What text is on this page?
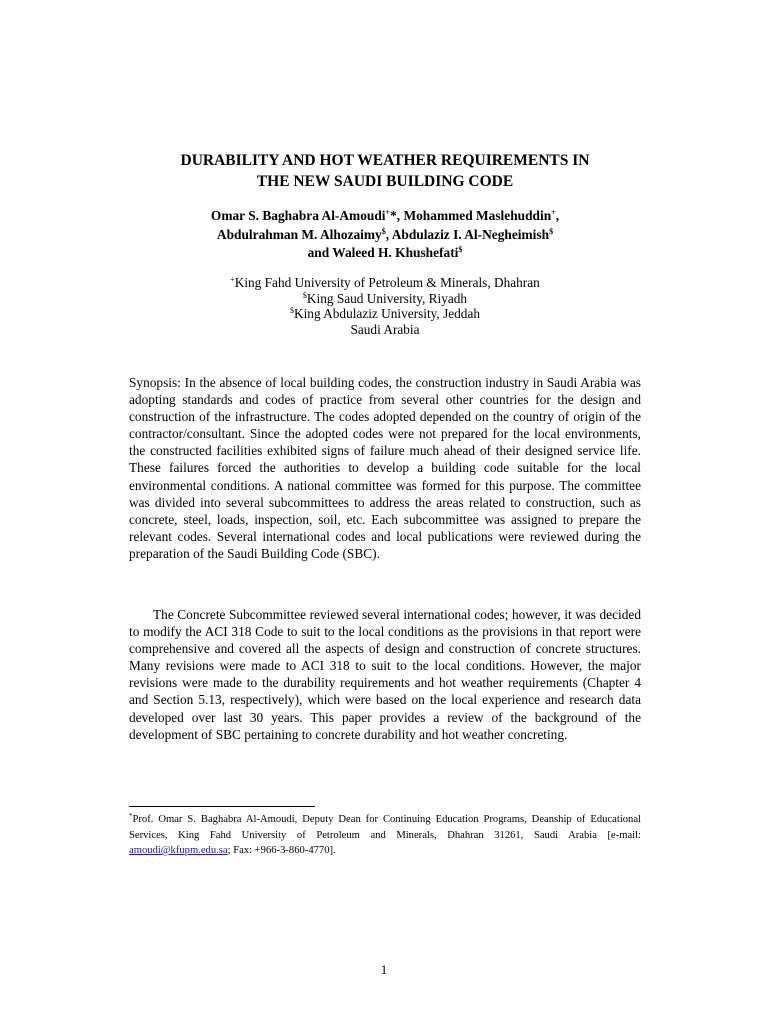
DURABILITY AND HOT WEATHER REQUIREMENTS IN
THE NEW SAUDI BUILDING CODE
Omar S. Baghabra Al-Amoudi+*, Mohammed Maslehuddin+,
Abdulrahman M. Alhozaimy$, Abdulaziz I. Al-Negheimish$
and Waleed H. Khushefati$
+King Fahd University of Petroleum & Minerals, Dhahran
$King Saud University, Riyadh
$King Abdulaziz University, Jeddah
Saudi Arabia

Synopsis: In the absence of local building codes, the construction industry in Saudi Arabia was adopting standards and codes of practice from several other countries for the design and construction of the infrastructure. The codes adopted depended on the country of origin of the contractor/consultant. Since the adopted codes were not prepared for the local environments, the constructed facilities exhibited signs of failure much ahead of their designed service life. These failures forced the authorities to develop a building code suitable for the local environmental conditions. A national committee was formed for this purpose. The committee was divided into several subcommittees to address the areas related to construction, such as concrete, steel, loads, inspection, soil, etc. Each subcommittee was assigned to prepare the relevant codes. Several international codes and local publications were reviewed during the preparation of the Saudi Building Code (SBC).

The Concrete Subcommittee reviewed several international codes; however, it was decided to modify the ACI 318 Code to suit to the local conditions as the provisions in that report were comprehensive and covered all the aspects of design and construction of concrete structures. Many revisions were made to ACI 318 to suit to the local conditions. However, the major revisions were made to the durability requirements and hot weather requirements (Chapter 4 and Section 5.13, respectively), which were based on the local experience and research data developed over last 30 years. This paper provides a review of the background of the development of SBC pertaining to concrete durability and hot weather concreting.

*Prof. Omar S. Baghabra Al-Amoudi, Deputy Dean for Continuing Education Programs, Deanship of Educational Services, King Fahd University of Petroleum and Minerals, Dhahran 31261, Saudi Arabia [e-mail: amoudi@kfupm.edu.sa; Fax: +966-3-860-4770].

1
